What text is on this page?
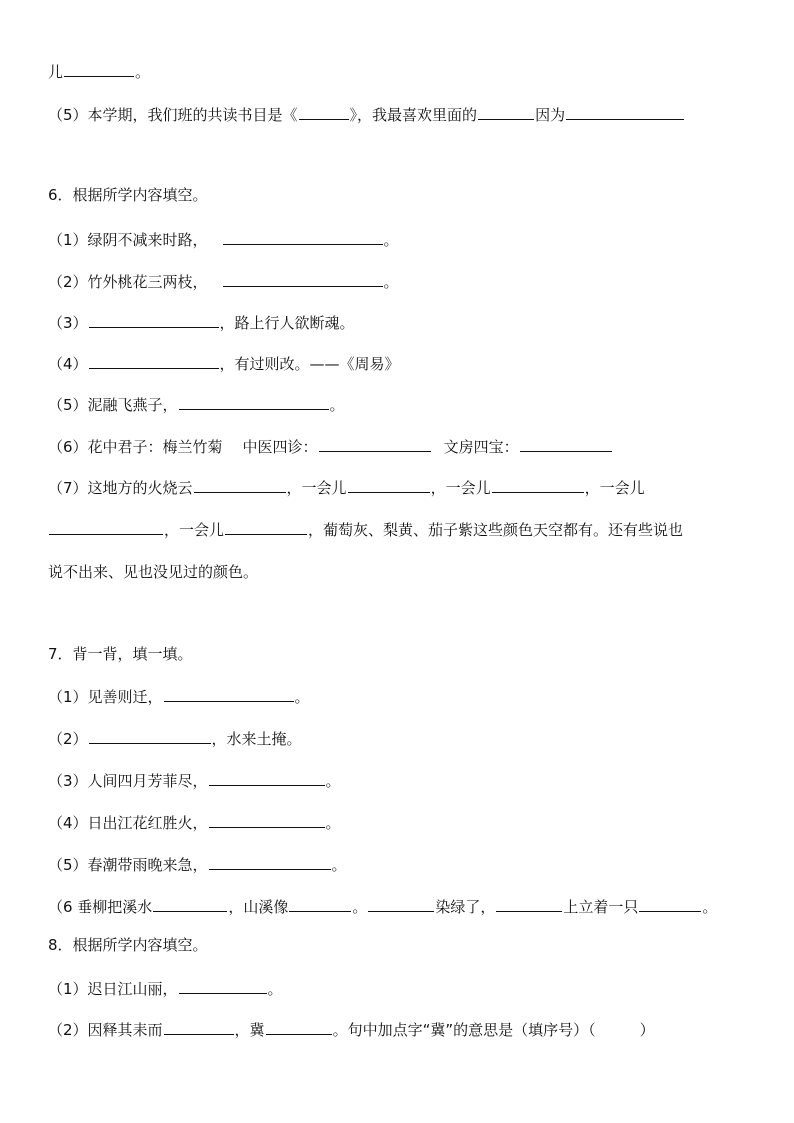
儿	。
（5）本学期，我们班的共读书目是《	》，我最喜欢里面的	因为
6．根据所学内容填空。
（1）绿阴不减来时路，	。
（2）竹外桃花三两枝，	。
（3）	，路上行人欲断魂。
（4）	，有过则改。——《周易》
（5）泥融飞燕子，	。
（6）花中君子：梅兰竹菊 中医四诊：	文房四宝：
（7）这地方的火烧云	，一会儿	，一会儿	，一会儿
，一会儿	，葡萄灰、梨黄、茄子紫这些颜色天空都有。还有些说也
说不出来、见也没见过的颜色。
7．背一背，填一填。
（1）见善则迁，	。
（2）	，水来土掩。
（3）人间四月芳菲尽，	。
（4）日出江花红胜火，	。
（5）春潮带雨晚来急，	。
（6 垂柳把溪水	，山溪像	。	染绿了，	上立着一只	。
8．根据所学内容填空。
（1）迟日江山丽，	。
（2）因释其耒而	，冀	。句中加点字“冀”的意思是（填序号）（	）
